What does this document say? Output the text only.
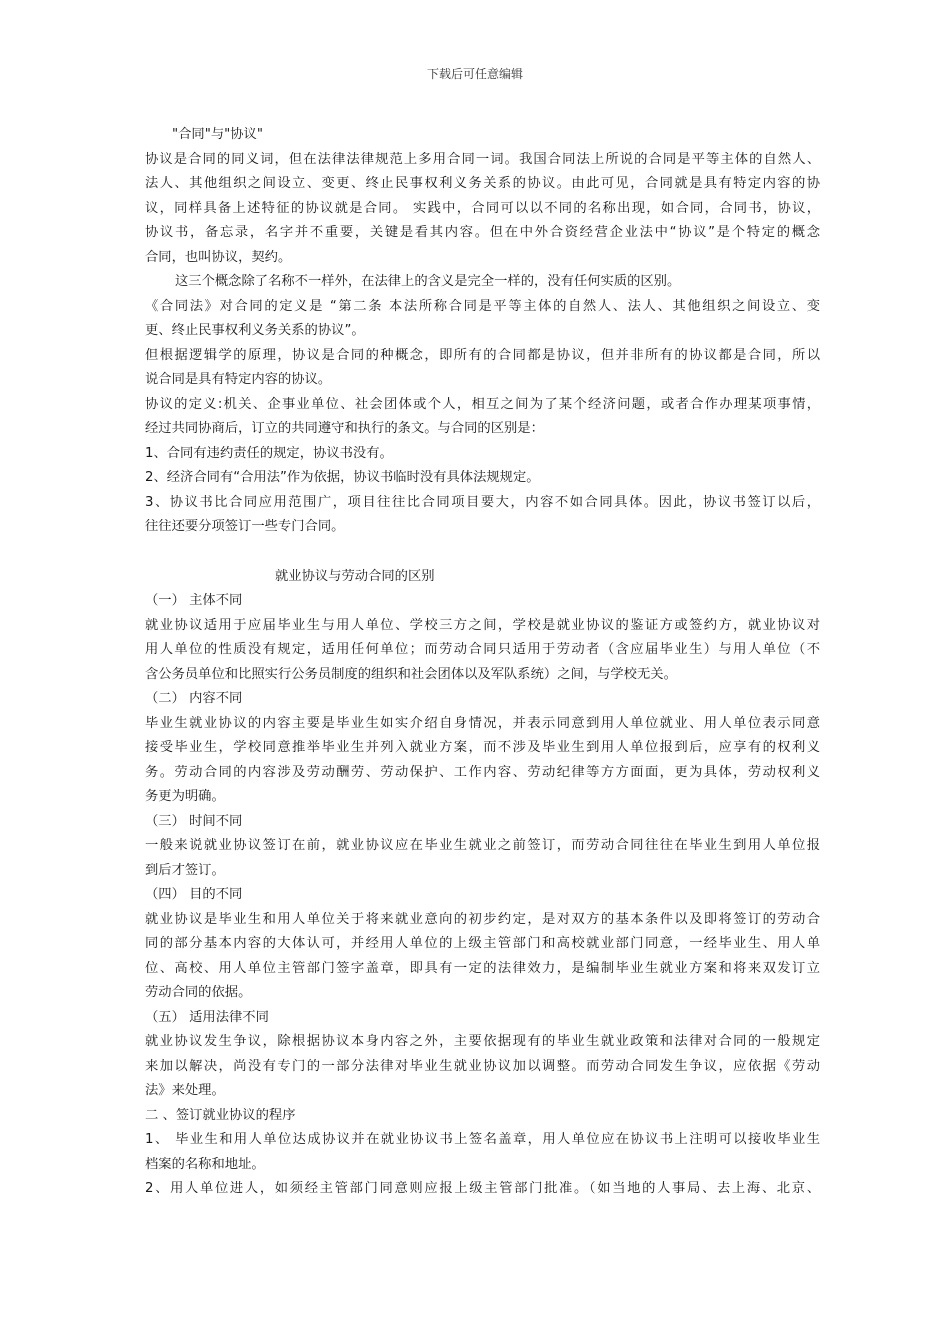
下载后可任意编辑
"合同"与"协议"
协议是合同的同义词，但在法律法律规范上多用合同一词。我国合同法上所说的合同是平等主体的自然人、
法人、其他组织之间设立、变更、终止民事权利义务关系的协议。由此可见，合同就是具有特定内容的协
议，同样具备上述特征的协议就是合同。 实践中，合同可以以不同的名称出现，如合同，合同书，协议，
协议书，备忘录，名字并不重要，关键是看其内容。但在中外合资经营企业法中“协议”是个特定的概念
合同，也叫协议，契约。
这三个概念除了名称不一样外，在法律上的含义是完全一样的，没有任何实质的区别。
《合同法》对合同的定义是 “第二条 本法所称合同是平等主体的自然人、法人、其他组织之间设立、变
更、终止民事权利义务关系的协议”。
但根据逻辑学的原理，协议是合同的种概念，即所有的合同都是协议，但并非所有的协议都是合同，所以
说合同是具有特定内容的协议。
协议的定义:机关、企事业单位、社会团体或个人，相互之间为了某个经济问题，或者合作办理某项事情，
经过共同协商后，订立的共同遵守和执行的条文。与合同的区别是：
1、合同有违约责任的规定，协议书没有。
2、经济合同有“合用法”作为依据，协议书临时没有具体法规规定。
3、协议书比合同应用范围广，项目往往比合同项目要大，内容不如合同具体。因此，协议书签订以后，
往往还要分项签订一些专门合同。
就业协议与劳动合同的区别
（一） 主体不同
就业协议适用于应届毕业生与用人单位、学校三方之间，学校是就业协议的鉴证方或签约方，就业协议对
用人单位的性质没有规定，适用任何单位；而劳动合同只适用于劳动者（含应届毕业生）与用人单位（不
含公务员单位和比照实行公务员制度的组织和社会团体以及军队系统）之间，与学校无关。
（二） 内容不同
毕业生就业协议的内容主要是毕业生如实介绍自身情况，并表示同意到用人单位就业、用人单位表示同意
接受毕业生，学校同意推举毕业生并列入就业方案，而不涉及毕业生到用人单位报到后，应享有的权利义
务。劳动合同的内容涉及劳动酬劳、劳动保护、工作内容、劳动纪律等方方面面，更为具体，劳动权利义
务更为明确。
（三） 时间不同
一般来说就业协议签订在前，就业协议应在毕业生就业之前签订，而劳动合同往往在毕业生到用人单位报
到后才签订。
（四） 目的不同
就业协议是毕业生和用人单位关于将来就业意向的初步约定，是对双方的基本条件以及即将签订的劳动合
同的部分基本内容的大体认可，并经用人单位的上级主管部门和高校就业部门同意，一经毕业生、用人单
位、高校、用人单位主管部门签字盖章，即具有一定的法律效力，是编制毕业生就业方案和将来双发订立
劳动合同的依据。
（五） 适用法律不同
就业协议发生争议，除根据协议本身内容之外，主要依据现有的毕业生就业政策和法律对合同的一般规定
来加以解决，尚没有专门的一部分法律对毕业生就业协议加以调整。而劳动合同发生争议，应依据《劳动
法》来处理。
二 、签订就业协议的程序
1、 毕业生和用人单位达成协议并在就业协议书上签名盖章，用人单位应在协议书上注明可以接收毕业生
档案的名称和地址。
2、用人单位进人，如须经主管部门同意则应报上级主管部门批准。（如当地的人事局、去上海、北京、
